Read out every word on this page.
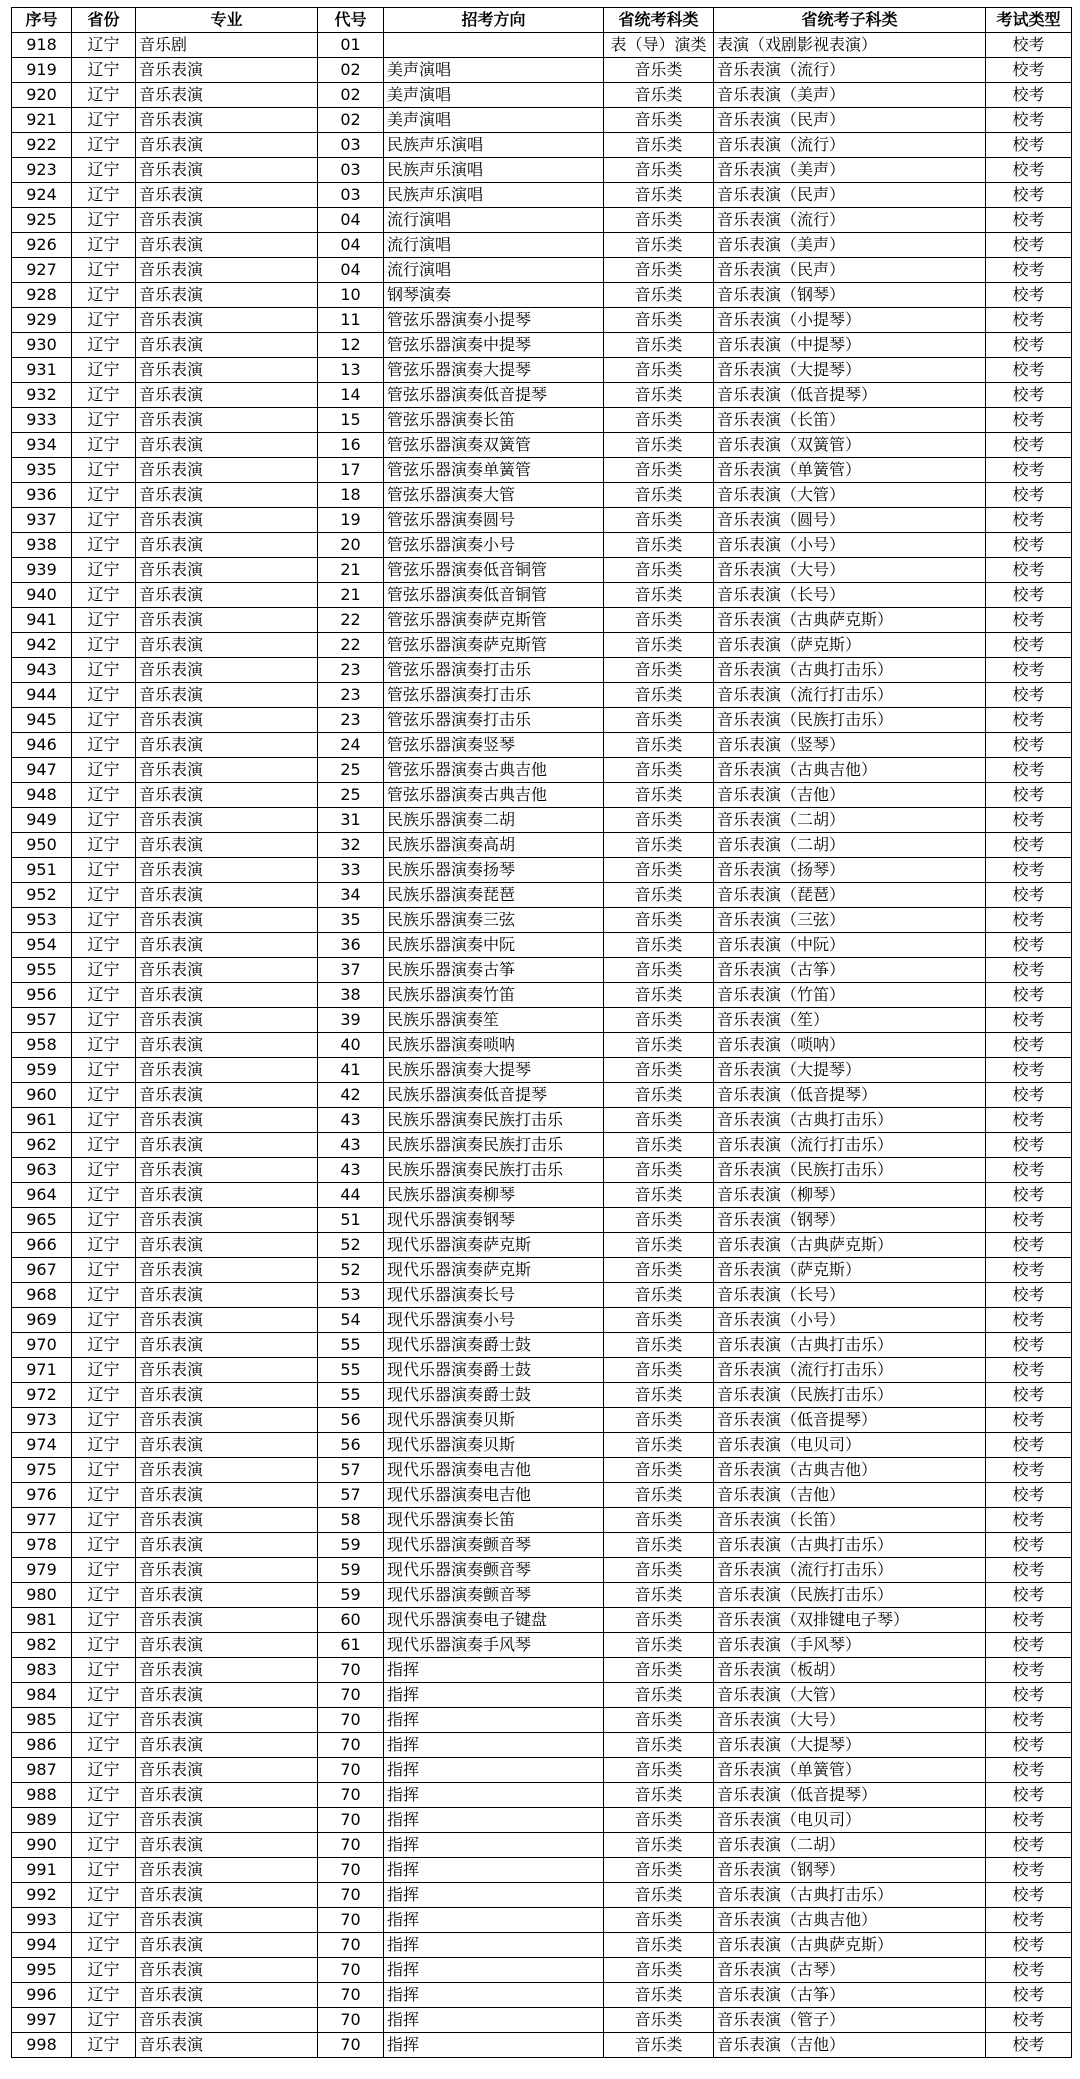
序号	省份	专业	代号	招考方向	省统考科类	省统考子科类	考试类型
918	辽宁	音乐剧	01		表（导）演类	表演（戏剧影视表演）	校考
919	辽宁	音乐表演	02	美声演唱	音乐类	音乐表演（流行）	校考
920	辽宁	音乐表演	02	美声演唱	音乐类	音乐表演（美声）	校考
921	辽宁	音乐表演	02	美声演唱	音乐类	音乐表演（民声）	校考
922	辽宁	音乐表演	03	民族声乐演唱	音乐类	音乐表演（流行）	校考
923	辽宁	音乐表演	03	民族声乐演唱	音乐类	音乐表演（美声）	校考
924	辽宁	音乐表演	03	民族声乐演唱	音乐类	音乐表演（民声）	校考
925	辽宁	音乐表演	04	流行演唱	音乐类	音乐表演（流行）	校考
926	辽宁	音乐表演	04	流行演唱	音乐类	音乐表演（美声）	校考
927	辽宁	音乐表演	04	流行演唱	音乐类	音乐表演（民声）	校考
928	辽宁	音乐表演	10	钢琴演奏	音乐类	音乐表演（钢琴）	校考
929	辽宁	音乐表演	11	管弦乐器演奏小提琴	音乐类	音乐表演（小提琴）	校考
930	辽宁	音乐表演	12	管弦乐器演奏中提琴	音乐类	音乐表演（中提琴）	校考
931	辽宁	音乐表演	13	管弦乐器演奏大提琴	音乐类	音乐表演（大提琴）	校考
932	辽宁	音乐表演	14	管弦乐器演奏低音提琴	音乐类	音乐表演（低音提琴）	校考
933	辽宁	音乐表演	15	管弦乐器演奏长笛	音乐类	音乐表演（长笛）	校考
934	辽宁	音乐表演	16	管弦乐器演奏双簧管	音乐类	音乐表演（双簧管）	校考
935	辽宁	音乐表演	17	管弦乐器演奏单簧管	音乐类	音乐表演（单簧管）	校考
936	辽宁	音乐表演	18	管弦乐器演奏大管	音乐类	音乐表演（大管）	校考
937	辽宁	音乐表演	19	管弦乐器演奏圆号	音乐类	音乐表演（圆号）	校考
938	辽宁	音乐表演	20	管弦乐器演奏小号	音乐类	音乐表演（小号）	校考
939	辽宁	音乐表演	21	管弦乐器演奏低音铜管	音乐类	音乐表演（大号）	校考
940	辽宁	音乐表演	21	管弦乐器演奏低音铜管	音乐类	音乐表演（长号）	校考
941	辽宁	音乐表演	22	管弦乐器演奏萨克斯管	音乐类	音乐表演（古典萨克斯）	校考
942	辽宁	音乐表演	22	管弦乐器演奏萨克斯管	音乐类	音乐表演（萨克斯）	校考
943	辽宁	音乐表演	23	管弦乐器演奏打击乐	音乐类	音乐表演（古典打击乐）	校考
944	辽宁	音乐表演	23	管弦乐器演奏打击乐	音乐类	音乐表演（流行打击乐）	校考
945	辽宁	音乐表演	23	管弦乐器演奏打击乐	音乐类	音乐表演（民族打击乐）	校考
946	辽宁	音乐表演	24	管弦乐器演奏竖琴	音乐类	音乐表演（竖琴）	校考
947	辽宁	音乐表演	25	管弦乐器演奏古典吉他	音乐类	音乐表演（古典吉他）	校考
948	辽宁	音乐表演	25	管弦乐器演奏古典吉他	音乐类	音乐表演（吉他）	校考
949	辽宁	音乐表演	31	民族乐器演奏二胡	音乐类	音乐表演（二胡）	校考
950	辽宁	音乐表演	32	民族乐器演奏高胡	音乐类	音乐表演（二胡）	校考
951	辽宁	音乐表演	33	民族乐器演奏扬琴	音乐类	音乐表演（扬琴）	校考
952	辽宁	音乐表演	34	民族乐器演奏琵琶	音乐类	音乐表演（琵琶）	校考
953	辽宁	音乐表演	35	民族乐器演奏三弦	音乐类	音乐表演（三弦）	校考
954	辽宁	音乐表演	36	民族乐器演奏中阮	音乐类	音乐表演（中阮）	校考
955	辽宁	音乐表演	37	民族乐器演奏古筝	音乐类	音乐表演（古筝）	校考
956	辽宁	音乐表演	38	民族乐器演奏竹笛	音乐类	音乐表演（竹笛）	校考
957	辽宁	音乐表演	39	民族乐器演奏笙	音乐类	音乐表演（笙）	校考
958	辽宁	音乐表演	40	民族乐器演奏唢呐	音乐类	音乐表演（唢呐）	校考
959	辽宁	音乐表演	41	民族乐器演奏大提琴	音乐类	音乐表演（大提琴）	校考
960	辽宁	音乐表演	42	民族乐器演奏低音提琴	音乐类	音乐表演（低音提琴）	校考
961	辽宁	音乐表演	43	民族乐器演奏民族打击乐	音乐类	音乐表演（古典打击乐）	校考
962	辽宁	音乐表演	43	民族乐器演奏民族打击乐	音乐类	音乐表演（流行打击乐）	校考
963	辽宁	音乐表演	43	民族乐器演奏民族打击乐	音乐类	音乐表演（民族打击乐）	校考
964	辽宁	音乐表演	44	民族乐器演奏柳琴	音乐类	音乐表演（柳琴）	校考
965	辽宁	音乐表演	51	现代乐器演奏钢琴	音乐类	音乐表演（钢琴）	校考
966	辽宁	音乐表演	52	现代乐器演奏萨克斯	音乐类	音乐表演（古典萨克斯）	校考
967	辽宁	音乐表演	52	现代乐器演奏萨克斯	音乐类	音乐表演（萨克斯）	校考
968	辽宁	音乐表演	53	现代乐器演奏长号	音乐类	音乐表演（长号）	校考
969	辽宁	音乐表演	54	现代乐器演奏小号	音乐类	音乐表演（小号）	校考
970	辽宁	音乐表演	55	现代乐器演奏爵士鼓	音乐类	音乐表演（古典打击乐）	校考
971	辽宁	音乐表演	55	现代乐器演奏爵士鼓	音乐类	音乐表演（流行打击乐）	校考
972	辽宁	音乐表演	55	现代乐器演奏爵士鼓	音乐类	音乐表演（民族打击乐）	校考
973	辽宁	音乐表演	56	现代乐器演奏贝斯	音乐类	音乐表演（低音提琴）	校考
974	辽宁	音乐表演	56	现代乐器演奏贝斯	音乐类	音乐表演（电贝司）	校考
975	辽宁	音乐表演	57	现代乐器演奏电吉他	音乐类	音乐表演（古典吉他）	校考
976	辽宁	音乐表演	57	现代乐器演奏电吉他	音乐类	音乐表演（吉他）	校考
977	辽宁	音乐表演	58	现代乐器演奏长笛	音乐类	音乐表演（长笛）	校考
978	辽宁	音乐表演	59	现代乐器演奏颤音琴	音乐类	音乐表演（古典打击乐）	校考
979	辽宁	音乐表演	59	现代乐器演奏颤音琴	音乐类	音乐表演（流行打击乐）	校考
980	辽宁	音乐表演	59	现代乐器演奏颤音琴	音乐类	音乐表演（民族打击乐）	校考
981	辽宁	音乐表演	60	现代乐器演奏电子键盘	音乐类	音乐表演（双排键电子琴）	校考
982	辽宁	音乐表演	61	现代乐器演奏手风琴	音乐类	音乐表演（手风琴）	校考
983	辽宁	音乐表演	70	指挥	音乐类	音乐表演（板胡）	校考
984	辽宁	音乐表演	70	指挥	音乐类	音乐表演（大管）	校考
985	辽宁	音乐表演	70	指挥	音乐类	音乐表演（大号）	校考
986	辽宁	音乐表演	70	指挥	音乐类	音乐表演（大提琴）	校考
987	辽宁	音乐表演	70	指挥	音乐类	音乐表演（单簧管）	校考
988	辽宁	音乐表演	70	指挥	音乐类	音乐表演（低音提琴）	校考
989	辽宁	音乐表演	70	指挥	音乐类	音乐表演（电贝司）	校考
990	辽宁	音乐表演	70	指挥	音乐类	音乐表演（二胡）	校考
991	辽宁	音乐表演	70	指挥	音乐类	音乐表演（钢琴）	校考
992	辽宁	音乐表演	70	指挥	音乐类	音乐表演（古典打击乐）	校考
993	辽宁	音乐表演	70	指挥	音乐类	音乐表演（古典吉他）	校考
994	辽宁	音乐表演	70	指挥	音乐类	音乐表演（古典萨克斯）	校考
995	辽宁	音乐表演	70	指挥	音乐类	音乐表演（古琴）	校考
996	辽宁	音乐表演	70	指挥	音乐类	音乐表演（古筝）	校考
997	辽宁	音乐表演	70	指挥	音乐类	音乐表演（管子）	校考
998	辽宁	音乐表演	70	指挥	音乐类	音乐表演（吉他）	校考
